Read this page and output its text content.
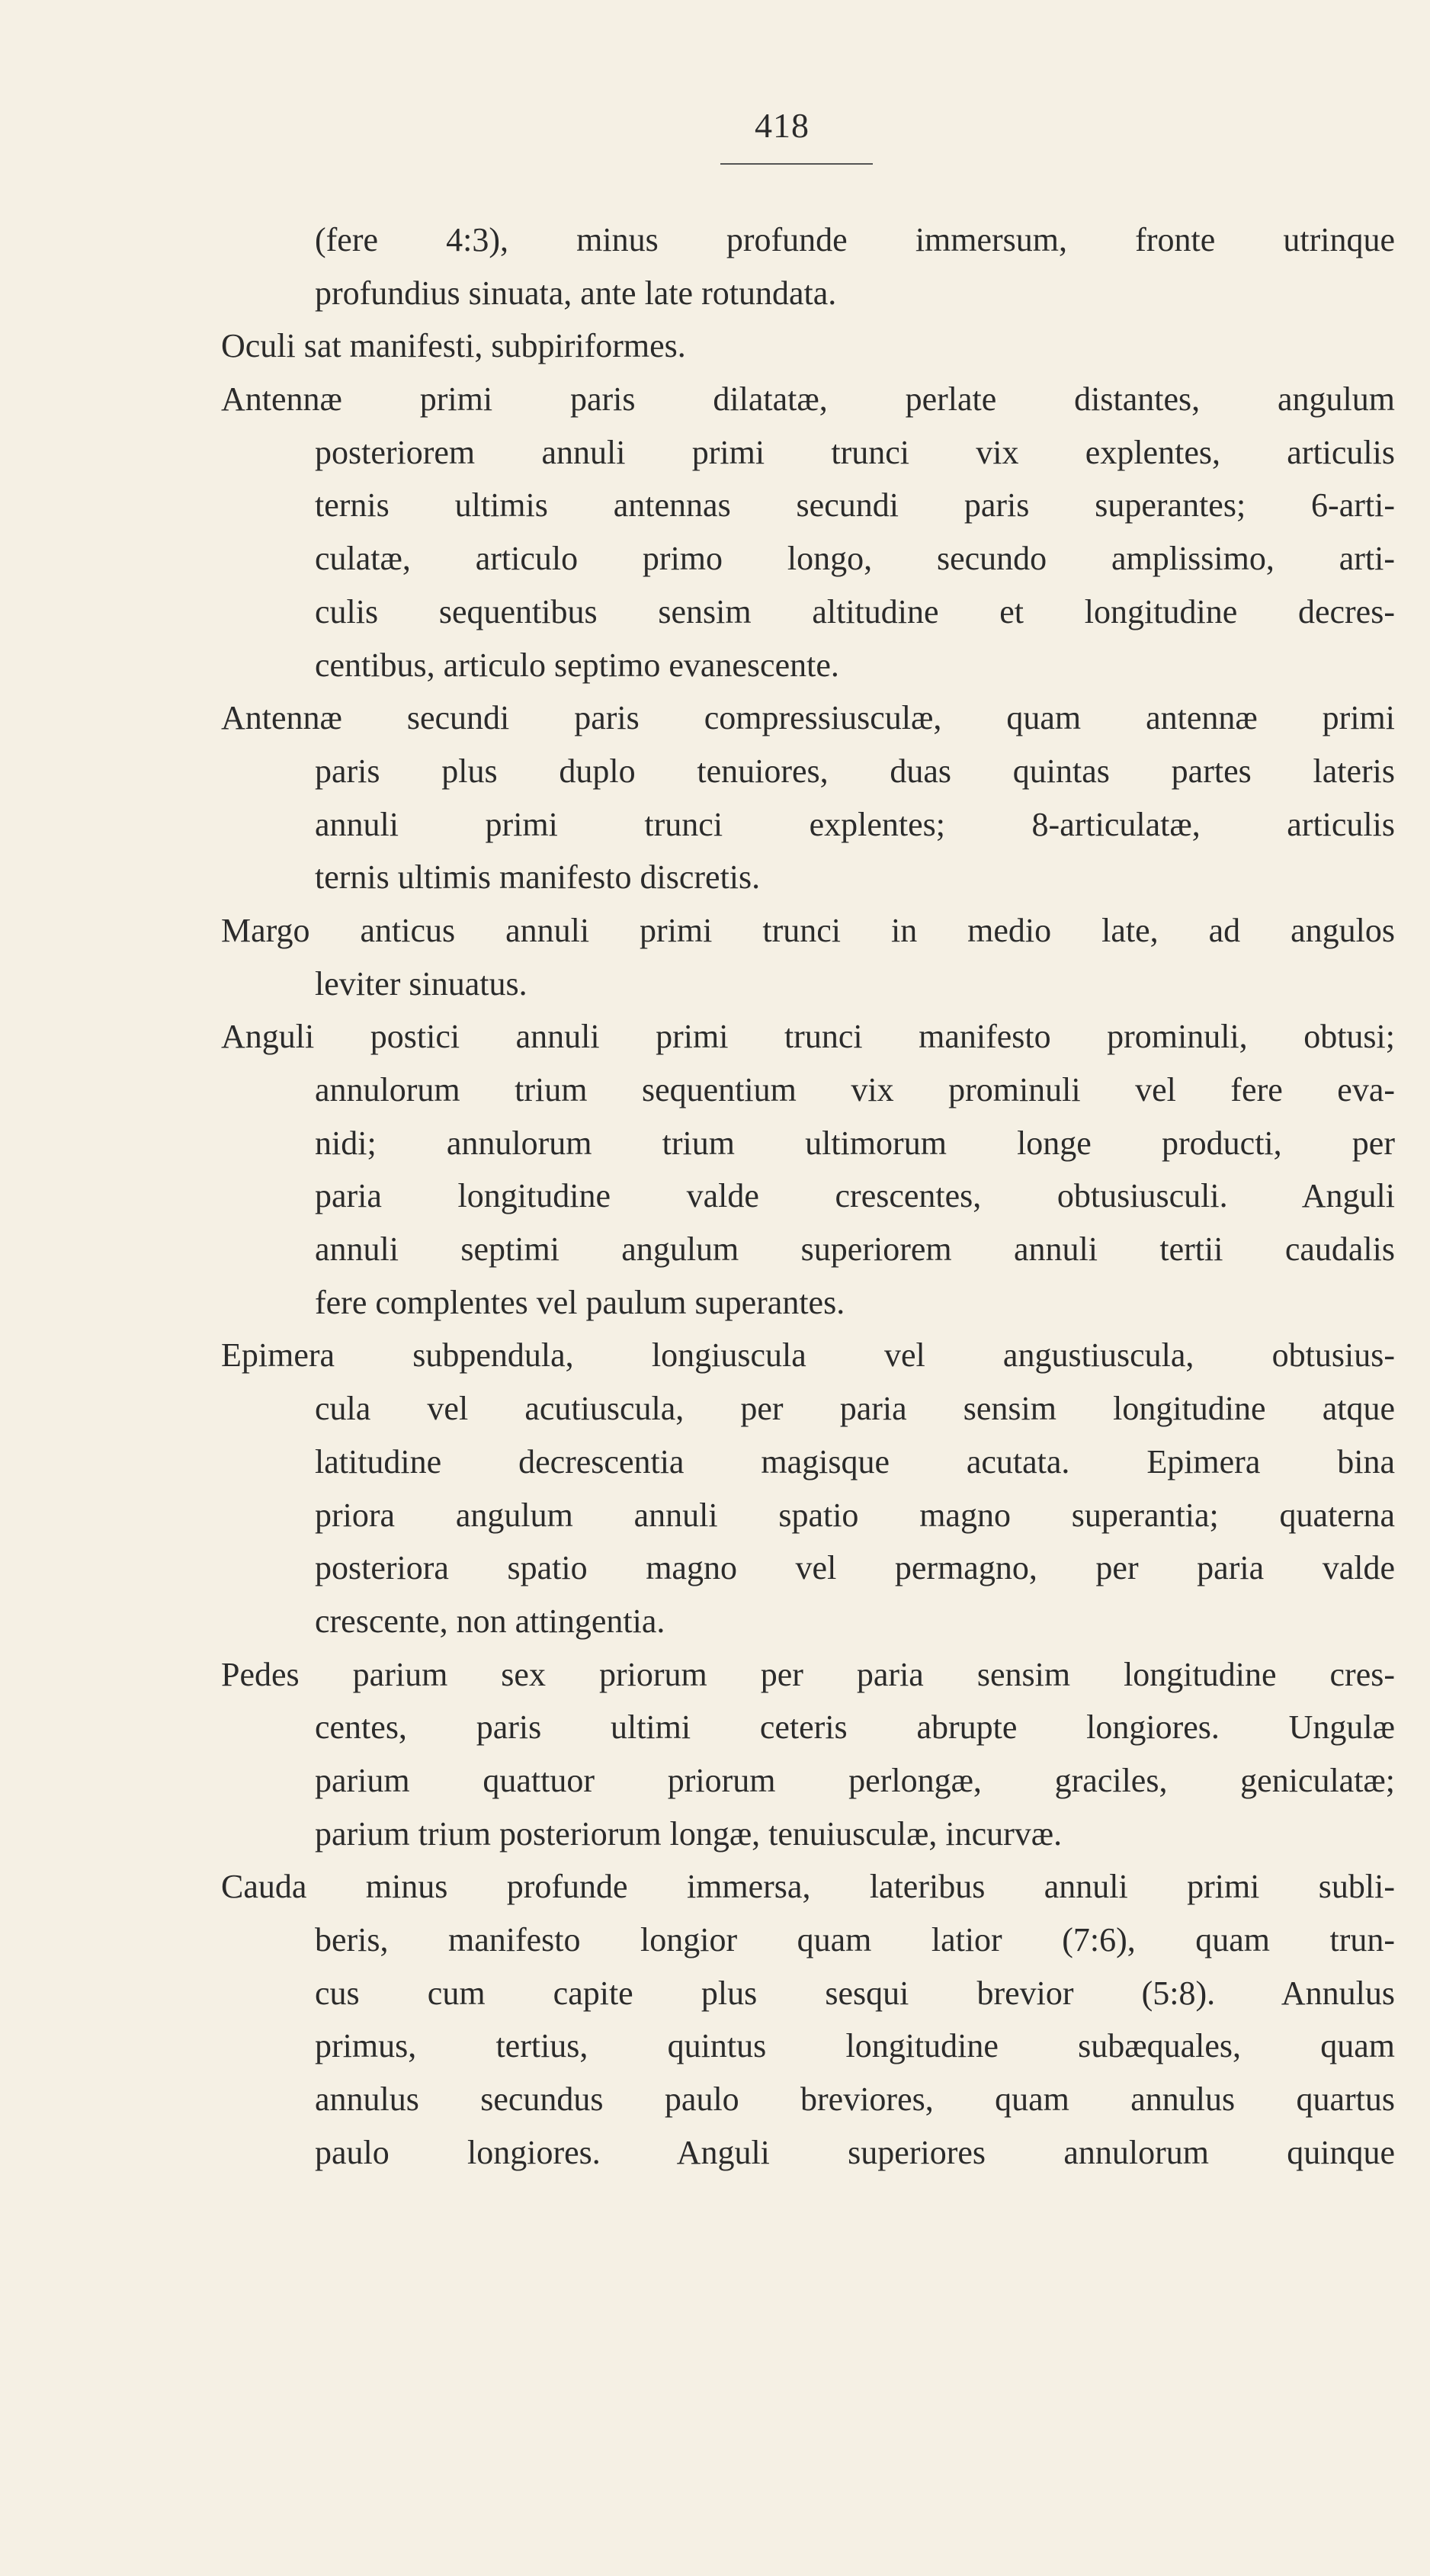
418
(fere 4:3), minus profunde immersum, fronte utrinque
profundius sinuata, ante late rotundata.
Oculi sat manifesti, subpiriformes.
Antennæ primi paris dilatatæ, perlate distantes, angulum
posteriorem annuli primi trunci vix explentes, articulis
ternis ultimis antennas secundi paris superantes; 6-arti-
culatæ, articulo primo longo, secundo amplissimo, arti-
culis sequentibus sensim altitudine et longitudine decres-
centibus, articulo septimo evanescente.
Antennæ secundi paris compressiusculæ, quam antennæ primi
paris plus duplo tenuiores, duas quintas partes lateris
annuli primi trunci explentes; 8-articulatæ, articulis
ternis ultimis manifesto discretis.
Margo anticus annuli primi trunci in medio late, ad angulos
leviter sinuatus.
Anguli postici annuli primi trunci manifesto prominuli, obtusi;
annulorum trium sequentium vix prominuli vel fere eva-
nidi; annulorum trium ultimorum longe producti, per
paria longitudine valde crescentes, obtusiusculi. Anguli
annuli septimi angulum superiorem annuli tertii caudalis
fere complentes vel paulum superantes.
Epimera subpendula, longiuscula vel angustiuscula, obtusius-
cula vel acutiuscula, per paria sensim longitudine atque
latitudine decrescentia magisque acutata. Epimera bina
priora angulum annuli spatio magno superantia; quaterna
posteriora spatio magno vel permagno, per paria valde
crescente, non attingentia.
Pedes parium sex priorum per paria sensim longitudine cres-
centes, paris ultimi ceteris abrupte longiores. Ungulæ
parium quattuor priorum perlongæ, graciles, geniculatæ;
parium trium posteriorum longæ, tenuiusculæ, incurvæ.
Cauda minus profunde immersa, lateribus annuli primi subli-
beris, manifesto longior quam latior (7:6), quam trun-
cus cum capite plus sesqui brevior (5:8). Annulus
primus, tertius, quintus longitudine subæquales, quam
annulus secundus paulo breviores, quam annulus quartus
paulo longiores. Anguli superiores annulorum quinque
